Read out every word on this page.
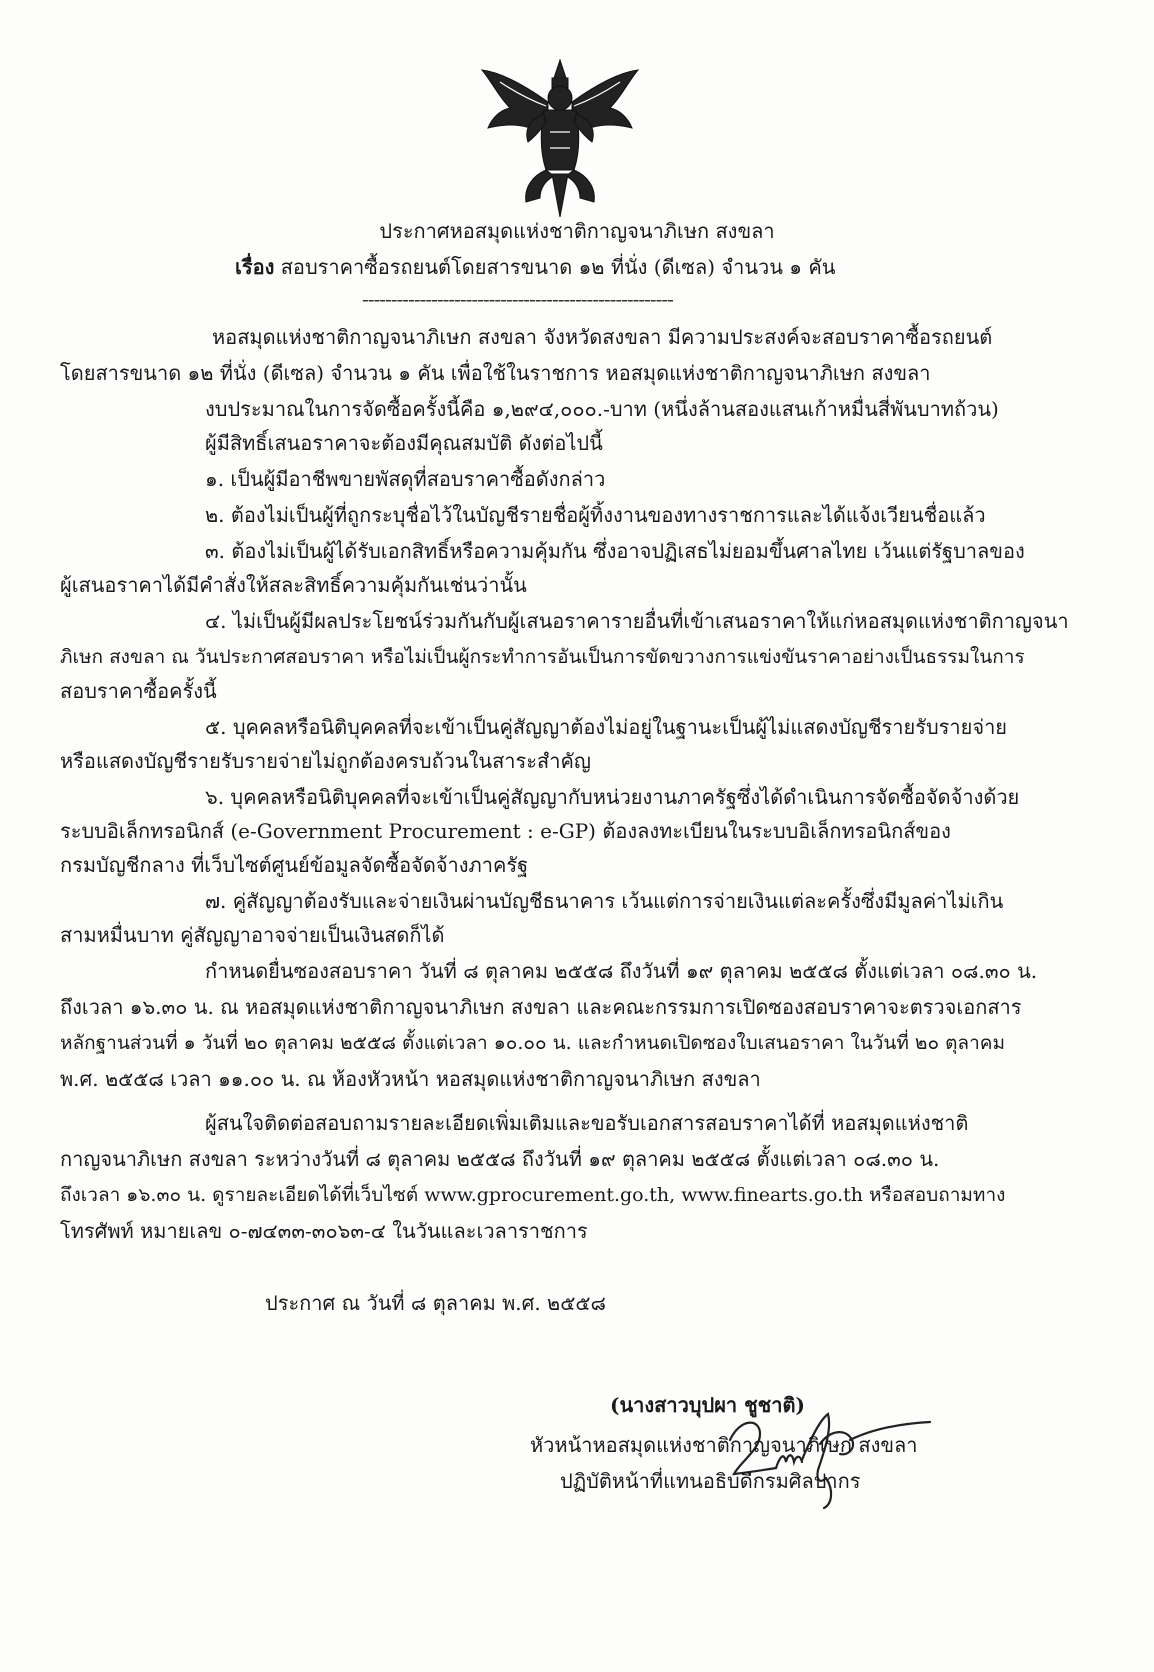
ประกาศหอสมุดแห่งชาติกาญจนาภิเษก สงขลา
เรื่อง สอบราคาซื้อรถยนต์โดยสารขนาด ๑๒ ที่นั่ง (ดีเซล) จำนวน ๑ คัน
------------------------------------------------------
หอสมุดแห่งชาติกาญจนาภิเษก สงขลา จังหวัดสงขลา มีความประสงค์จะสอบราคาซื้อรถยนต์
โดยสารขนาด ๑๒ ที่นั่ง (ดีเซล) จำนวน ๑ คัน เพื่อใช้ในราชการ หอสมุดแห่งชาติกาญจนาภิเษก สงขลา
งบประมาณในการจัดซื้อครั้งนี้คือ ๑,๒๙๔,๐๐๐.-บาท (หนึ่งล้านสองแสนเก้าหมื่นสี่พันบาทถ้วน)
ผู้มีสิทธิ์เสนอราคาจะต้องมีคุณสมบัติ ดังต่อไปนี้
๑. เป็นผู้มีอาชีพขายพัสดุที่สอบราคาซื้อดังกล่าว
๒. ต้องไม่เป็นผู้ที่ถูกระบุชื่อไว้ในบัญชีรายชื่อผู้ทิ้งงานของทางราชการและได้แจ้งเวียนชื่อแล้ว
๓. ต้องไม่เป็นผู้ได้รับเอกสิทธิ์หรือความคุ้มกัน ซึ่งอาจปฏิเสธไม่ยอมขึ้นศาลไทย เว้นแต่รัฐบาลของ
ผู้เสนอราคาได้มีคำสั่งให้สละสิทธิ์ความคุ้มกันเช่นว่านั้น
๔. ไม่เป็นผู้มีผลประโยชน์ร่วมกันกับผู้เสนอราคารายอื่นที่เข้าเสนอราคาให้แก่หอสมุดแห่งชาติกาญจนา
ภิเษก สงขลา ณ วันประกาศสอบราคา หรือไม่เป็นผู้กระทำการอันเป็นการขัดขวางการแข่งขันราคาอย่างเป็นธรรมในการ
สอบราคาซื้อครั้งนี้
๕. บุคคลหรือนิติบุคคลที่จะเข้าเป็นคู่สัญญาต้องไม่อยู่ในฐานะเป็นผู้ไม่แสดงบัญชีรายรับรายจ่าย
หรือแสดงบัญชีรายรับรายจ่ายไม่ถูกต้องครบถ้วนในสาระสำคัญ
๖. บุคคลหรือนิติบุคคลที่จะเข้าเป็นคู่สัญญากับหน่วยงานภาครัฐซึ่งได้ดำเนินการจัดซื้อจัดจ้างด้วย
ระบบอิเล็กทรอนิกส์ (e-Government Procurement : e-GP) ต้องลงทะเบียนในระบบอิเล็กทรอนิกส์ของ
กรมบัญชีกลาง ที่เว็บไซต์ศูนย์ข้อมูลจัดซื้อจัดจ้างภาครัฐ
๗. คู่สัญญาต้องรับและจ่ายเงินผ่านบัญชีธนาคาร เว้นแต่การจ่ายเงินแต่ละครั้งซึ่งมีมูลค่าไม่เกิน
สามหมื่นบาท คู่สัญญาอาจจ่ายเป็นเงินสดก็ได้
กำหนดยื่นซองสอบราคา วันที่ ๘ ตุลาคม ๒๕๕๘ ถึงวันที่ ๑๙ ตุลาคม ๒๕๕๘ ตั้งแต่เวลา ๐๘.๓๐ น.
ถึงเวลา ๑๖.๓๐ น. ณ หอสมุดแห่งชาติกาญจนาภิเษก สงขลา และคณะกรรมการเปิดซองสอบราคาจะตรวจเอกสาร
หลักฐานส่วนที่ ๑ วันที่ ๒๐ ตุลาคม ๒๕๕๘ ตั้งแต่เวลา ๑๐.๐๐ น. และกำหนดเปิดซองใบเสนอราคา ในวันที่ ๒๐ ตุลาคม
พ.ศ. ๒๕๕๘ เวลา ๑๑.๐๐ น. ณ ห้องหัวหน้า หอสมุดแห่งชาติกาญจนาภิเษก สงขลา
ผู้สนใจติดต่อสอบถามรายละเอียดเพิ่มเติมและขอรับเอกสารสอบราคาได้ที่ หอสมุดแห่งชาติ
กาญจนาภิเษก สงขลา ระหว่างวันที่ ๘ ตุลาคม ๒๕๕๘ ถึงวันที่ ๑๙ ตุลาคม ๒๕๕๘ ตั้งแต่เวลา ๐๘.๓๐ น.
ถึงเวลา ๑๖.๓๐ น. ดูรายละเอียดได้ที่เว็บไซต์ www.gprocurement.go.th, www.finearts.go.th หรือสอบถามทาง
โทรศัพท์ หมายเลข ๐-๗๔๓๓-๓๐๖๓-๔ ในวันและเวลาราชการ
ประกาศ ณ วันที่ ๘ ตุลาคม พ.ศ. ๒๕๕๘
(นางสาวบุปผา ชูชาติ)
หัวหน้าหอสมุดแห่งชาติกาญจนาภิเษก สงขลา
ปฏิบัติหน้าที่แทนอธิบดีกรมศิลปากร
